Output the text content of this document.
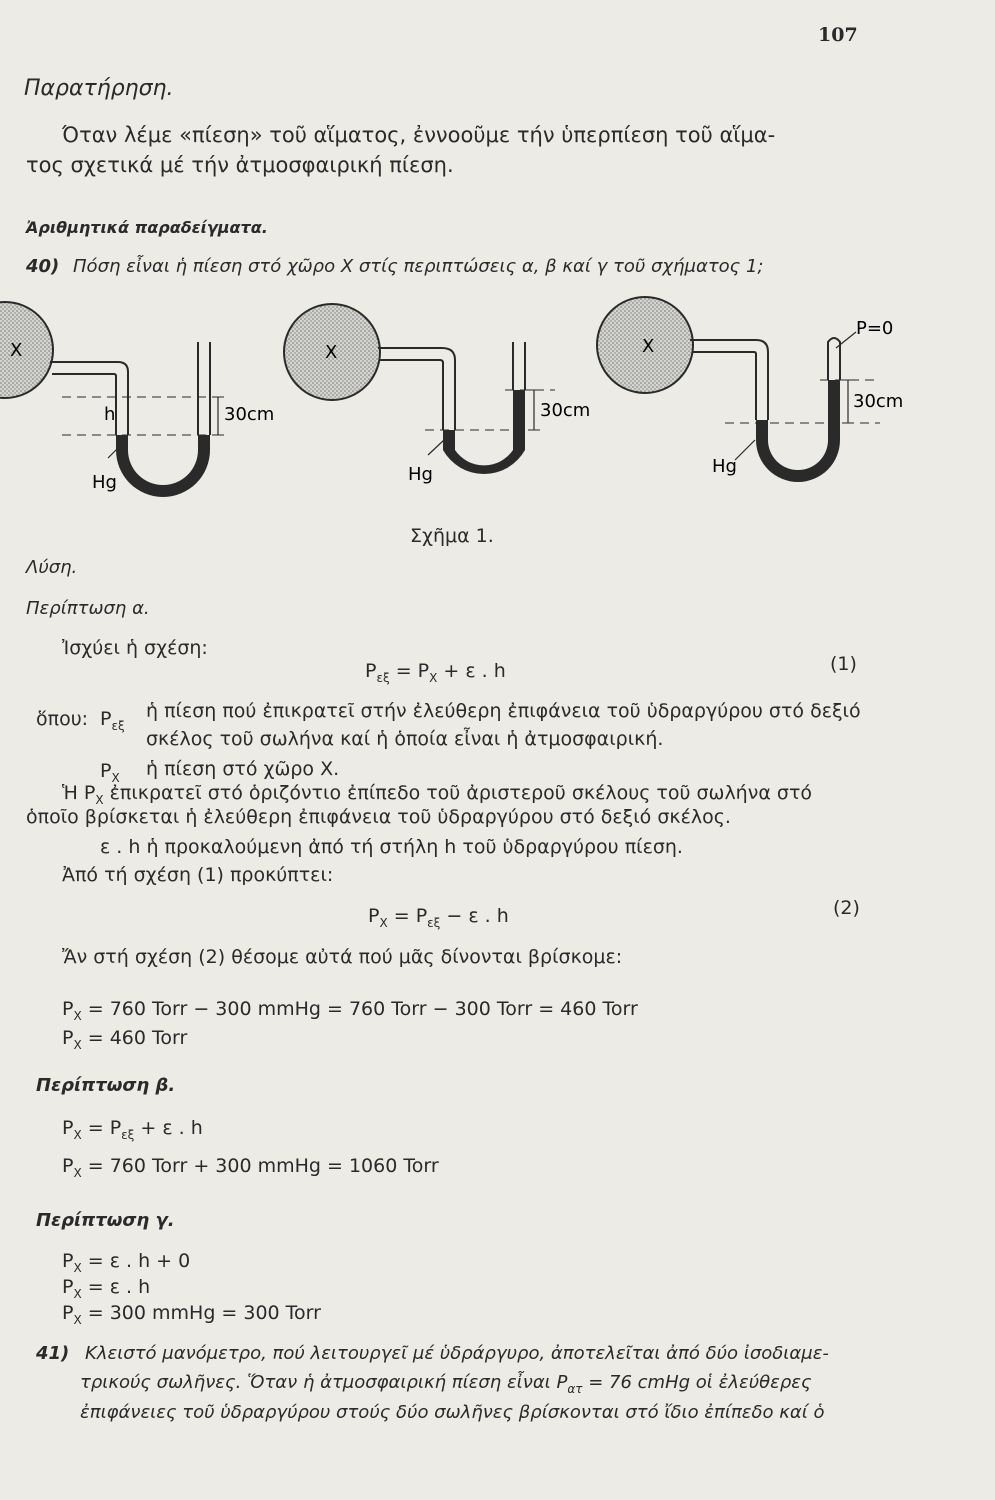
107
Παρατήρηση.
Όταν λέμε «πίεση» τοῦ αἵματος, ἐννοοῦμε τήν ὑπερπίεση τοῦ αἵμα-
τος σχετικά μέ τήν ἀτμοσφαιρική πίεση.
Ἀριθμητικά παραδείγματα.
40) Πόση εἶναι ἡ πίεση στό χῶρο Χ στίς περιπτώσεις α, β καί γ τοῦ σχήματος 1;
X
h	30cm
Hg
X
30cm
Hg
X
P=0
30cm
Hg
Σχῆμα 1.
Λύση.
Περίπτωση α.
Ἰσχύει ἡ σχέση:
$P_{\varepsilon\xi} = P_X + \varepsilon$ . h	(1)
ὅπου: $P_{\varepsilon\xi}$
ἡ πίεση πού ἐπικρατεῖ στήν ἐλεύθερη ἐπιφάνεια τοῦ ὑδραργύρου στό δεξιό
σκέλος τοῦ σωλήνα καί ἡ ὁποία εἶναι ἡ ἀτμοσφαιρική.
$P_X$ ἡ πίεση στό χῶρο Χ.
Ἡ $P_X$ ἐπικρατεῖ στό ὁριζόντιο ἐπίπεδο τοῦ ἀριστεροῦ σκέλους τοῦ σωλήνα στό
ὁποῖο βρίσκεται ἡ ἐλεύθερη ἐπιφάνεια τοῦ ὑδραργύρου στό δεξιό σκέλος.
ε . h ἡ προκαλούμενη ἀπό τή στήλη h τοῦ ὑδραργύρου πίεση.
Ἀπό τή σχέση (1) προκύπτει:
$P_X = P_{\varepsilon\xi} - \varepsilon$ . h	(2)
Ἄν στή σχέση (2) θέσομε αὐτά πού μᾶς δίνονται βρίσκομε:
$P_X = 760$ Torr − 300 mmHg = 760 Torr − 300 Torr = 460 Torr
$P_X = 460$ Torr
Περίπτωση β.
$P_X = P_{\varepsilon\xi} + \varepsilon$ . h
$P_X = 760$ Torr + 300 mmHg = 1060 Torr
Περίπτωση γ.
$P_X = \varepsilon$ . h + 0
$P_X = \varepsilon$ . h
$P_X = 300$ mmHg = 300 Torr
41) Κλειστό μανόμετρο, πού λειτουργεῖ μέ ὑδράργυρο, ἀποτελεῖται ἀπό δύο ἰσοδιαμε-
τρικούς σωλῆνες. Ὅταν ἡ ἀτμοσφαιρική πίεση εἶναι $P_{\alpha\tau} = 76$ cmHg οἱ ἐλεύθερες
ἐπιφάνειες τοῦ ὑδραργύρου στούς δύο σωλῆνες βρίσκονται στό ἴδιο ἐπίπεδο καί ὁ
